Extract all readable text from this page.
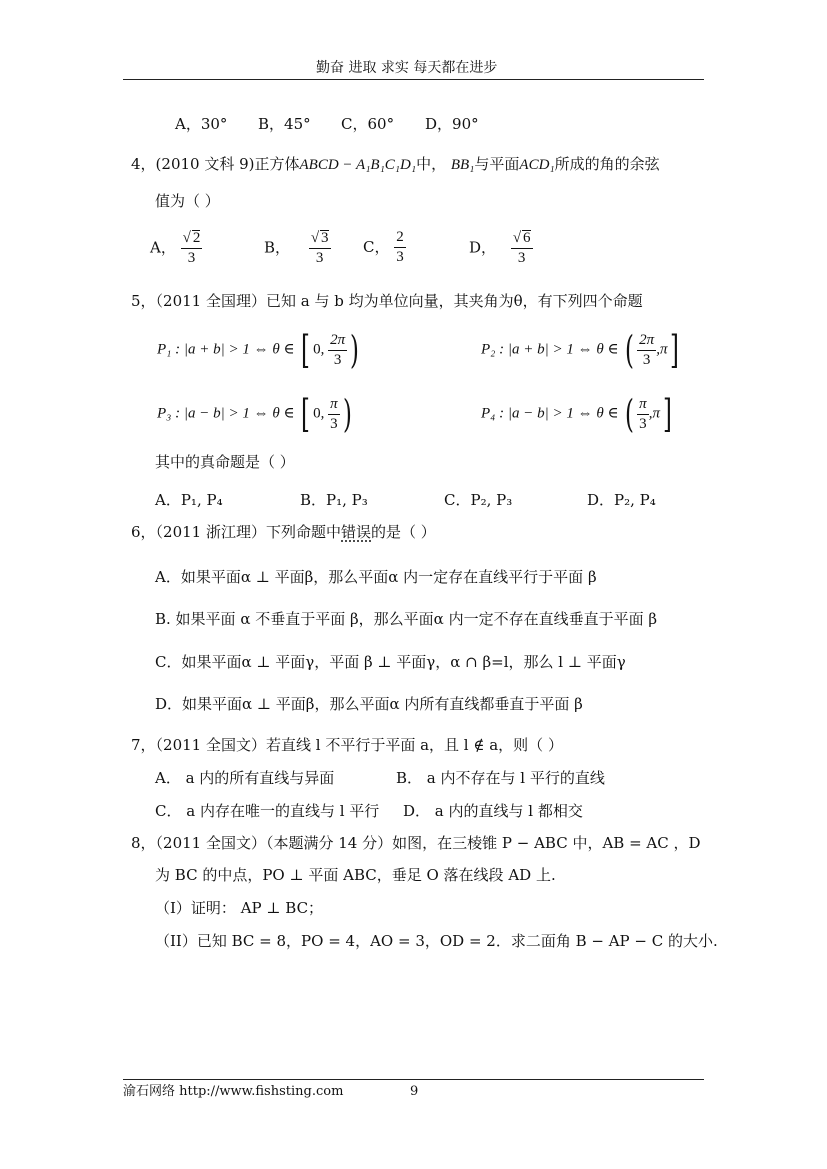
勤奋 进取 求实 每天都在进步
A，30° B，45° C，60° D，90°
4，(2010 文科 9)正方体ABCD − A₁B₁C₁D₁中， BB₁与平面ACD₁所成的角的余弦
值为（ ）
A， $\frac{√ 2}{3}$	B， $\frac{√ 3}{3}$ C， $\frac{2}{3}$	D， $\frac{√ 6}{3}$
5，（2011 全国理）已知 a 与 b 均为单位向量，其夹角为θ，有下列四个命题
P₁ : |a + b| > 1 ⇔ θ ∈ [ 0, $\frac{2\pi}{3}$ )	P₂ : |a + b| > 1 ⇔ θ ∈ ( $\frac{2\pi}{3} ,\pi$]
P₃ : |a − b| > 1 ⇔ θ ∈ [ 0, $\frac{\pi}{3}$ )	P₄ : |a − b| > 1 ⇔ θ ∈ ( $\frac{\pi}{3} ,\pi$]
其中的真命题是（ ）
A．P₁, P₄	B．P₁, P₃	C．P₂, P₃	D．P₂, P₄
6，（2011 浙江理）下列命题中错误的是（ ）
A．如果平面α ⊥ 平面β，那么平面α 内一定存在直线平行于平面 β
B. 如果平面 α 不垂直于平面 β，那么平面α 内一定不存在直线垂直于平面 β
C．如果平面α ⊥ 平面γ，平面 β ⊥ 平面γ，α ∩ β=l，那么 l ⊥ 平面γ
D．如果平面α ⊥ 平面β，那么平面α 内所有直线都垂直于平面 β
7，（2011 全国文）若直线 l 不平行于平面 a，且 l ∉ a，则（ ）
A． a 内的所有直线与异面	B． a 内不存在与 l 平行的直线
C． a 内存在唯一的直线与 l 平行 D． a 内的直线与 l 都相交
8，（2011 全国文）（本题满分 14 分）如图，在三棱锥 P − ABC 中，AB = AC ，D
为 BC 的中点，PO ⊥ 平面 ABC，垂足 O 落在线段 AD 上.
（I）证明： AP ⊥ BC；
（II）已知 BC = 8，PO = 4，AO = 3，OD = 2．求二面角 B − AP − C 的大小.
渝石网络 http://www.fishsting.com	9
